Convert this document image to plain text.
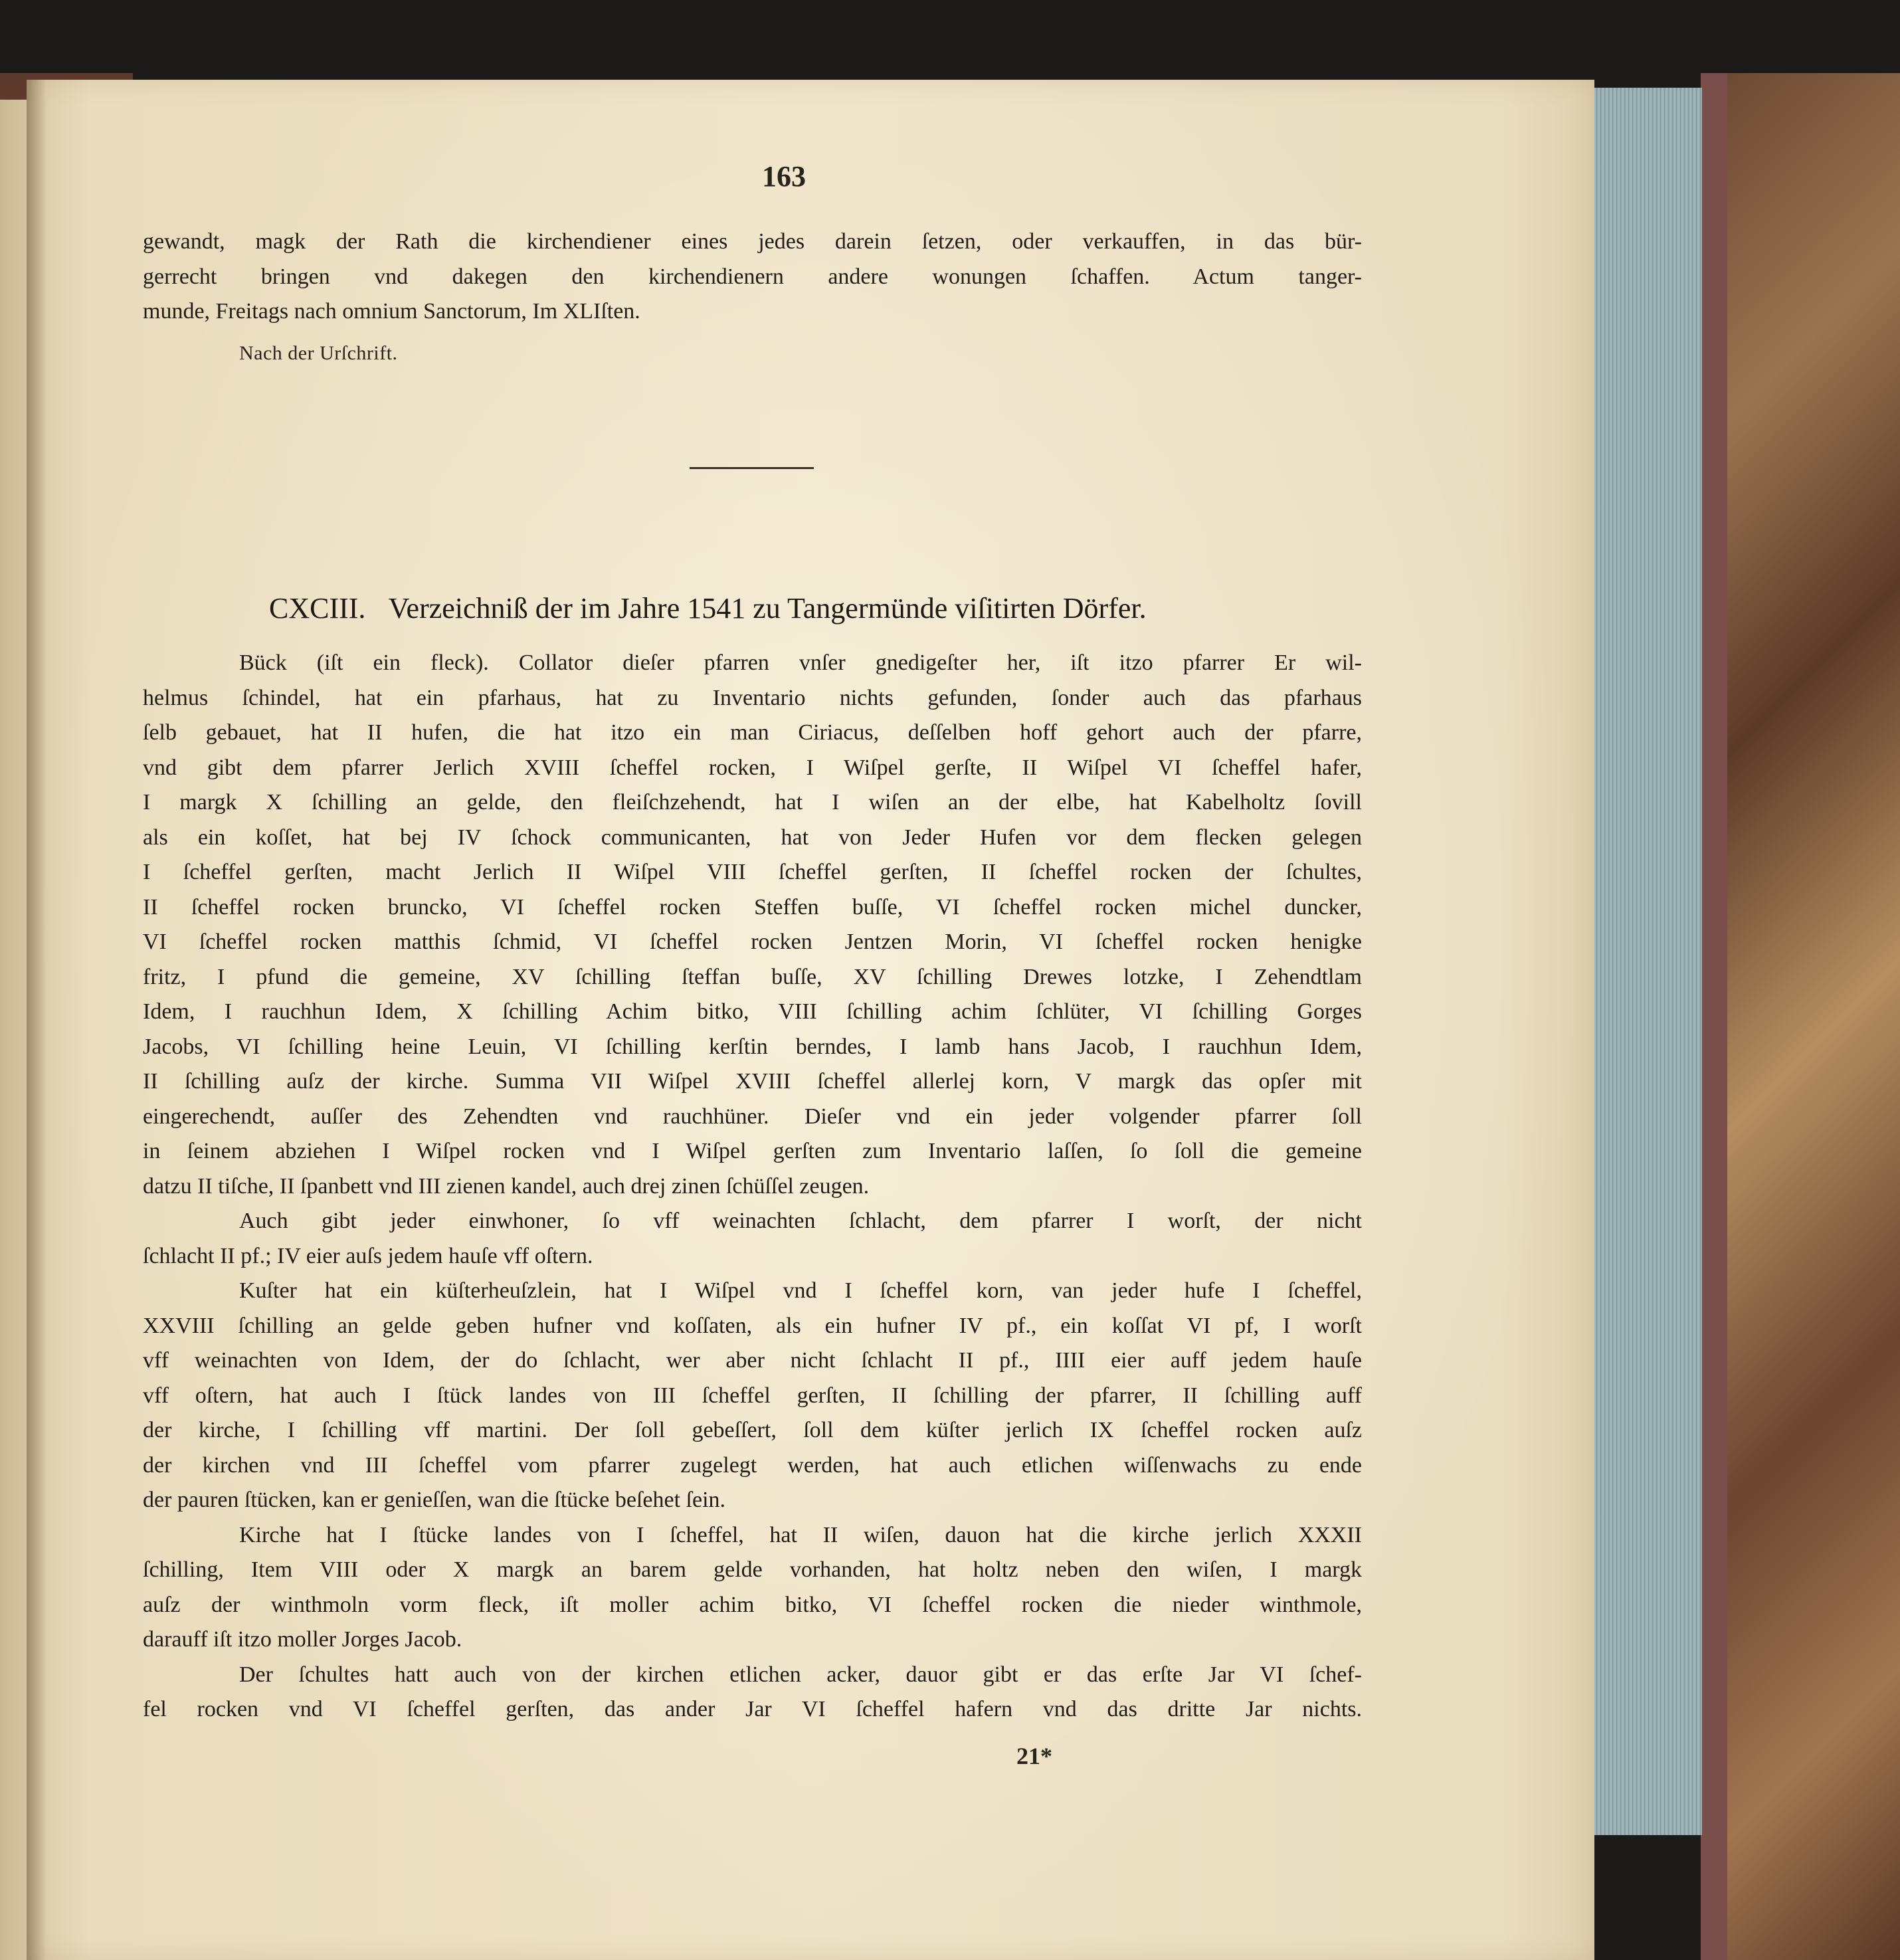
163
gewandt, magk der Rath die kirchendiener eines jedes darein ſetzen, oder verkauffen, in das bür-
gerrecht bringen vnd dakegen den kirchendienern andere wonungen ſchaffen. Actum tanger-
munde, Freitags nach omnium Sanctorum, Im XLIſten.
Nach der Urſchrift.
CXCIII. Verzeichniß der im Jahre 1541 zu Tangermünde viſitirten Dörfer.
Bück (iſt ein fleck). Collator dieſer pfarren vnſer gnedigeſter her, iſt itzo pfarrer Er wil-
helmus ſchindel, hat ein pfarhaus, hat zu Inventario nichts gefunden, ſonder auch das pfarhaus
ſelb gebauet, hat II hufen, die hat itzo ein man Ciriacus, deſſelben hoff gehort auch der pfarre,
vnd gibt dem pfarrer Jerlich XVIII ſcheffel rocken, I Wiſpel gerſte, II Wiſpel VI ſcheffel hafer,
I margk X ſchilling an gelde, den fleiſchzehendt, hat I wiſen an der elbe, hat Kabelholtz ſovill
als ein koſſet, hat bej IV ſchock communicanten, hat von Jeder Hufen vor dem flecken gelegen
I ſcheffel gerſten, macht Jerlich II Wiſpel VIII ſcheffel gerſten, II ſcheffel rocken der ſchultes,
II ſcheffel rocken bruncko, VI ſcheffel rocken Steffen buſſe, VI ſcheffel rocken michel duncker,
VI ſcheffel rocken matthis ſchmid, VI ſcheffel rocken Jentzen Morin, VI ſcheffel rocken henigke
fritz, I pfund die gemeine, XV ſchilling ſteffan buſſe, XV ſchilling Drewes lotzke, I Zehendtlam
Idem, I rauchhun Idem, X ſchilling Achim bitko, VIII ſchilling achim ſchlüter, VI ſchilling Gorges
Jacobs, VI ſchilling heine Leuin, VI ſchilling kerſtin berndes, I lamb hans Jacob, I rauchhun Idem,
II ſchilling auſz der kirche. Summa VII Wiſpel XVIII ſcheffel allerlej korn, V margk das opſer mit
eingerechendt, auſſer des Zehendten vnd rauchhüner. Dieſer vnd ein jeder volgender pfarrer ſoll
in ſeinem abziehen I Wiſpel rocken vnd I Wiſpel gerſten zum Inventario laſſen, ſo ſoll die gemeine
datzu II tiſche, II ſpanbett vnd III zienen kandel, auch drej zinen ſchüſſel zeugen.
Auch gibt jeder einwhoner, ſo vff weinachten ſchlacht, dem pfarrer I worſt, der nicht
ſchlacht II pf.; IV eier auſs jedem hauſe vff oſtern.
Kuſter hat ein küſterheuſzlein, hat I Wiſpel vnd I ſcheffel korn, van jeder hufe I ſcheffel,
XXVIII ſchilling an gelde geben hufner vnd koſſaten, als ein hufner IV pf., ein koſſat VI pf, I worſt
vff weinachten von Idem, der do ſchlacht, wer aber nicht ſchlacht II pf., IIII eier auff jedem hauſe
vff oſtern, hat auch I ſtück landes von III ſcheffel gerſten, II ſchilling der pfarrer, II ſchilling auff
der kirche, I ſchilling vff martini. Der ſoll gebeſſert, ſoll dem küſter jerlich IX ſcheffel rocken auſz
der kirchen vnd III ſcheffel vom pfarrer zugelegt werden, hat auch etlichen wiſſenwachs zu ende
der pauren ſtücken, kan er genieſſen, wan die ſtücke beſehet ſein.
Kirche hat I ſtücke landes von I ſcheffel, hat II wiſen, dauon hat die kirche jerlich XXXII
ſchilling, Item VIII oder X margk an barem gelde vorhanden, hat holtz neben den wiſen, I margk
auſz der winthmoln vorm fleck, iſt moller achim bitko, VI ſcheffel rocken die nieder winthmole,
darauff iſt itzo moller Jorges Jacob.
Der ſchultes hatt auch von der kirchen etlichen acker, dauor gibt er das erſte Jar VI ſchef-
fel rocken vnd VI ſcheffel gerſten, das ander Jar VI ſcheffel hafern vnd das dritte Jar nichts.
21*
